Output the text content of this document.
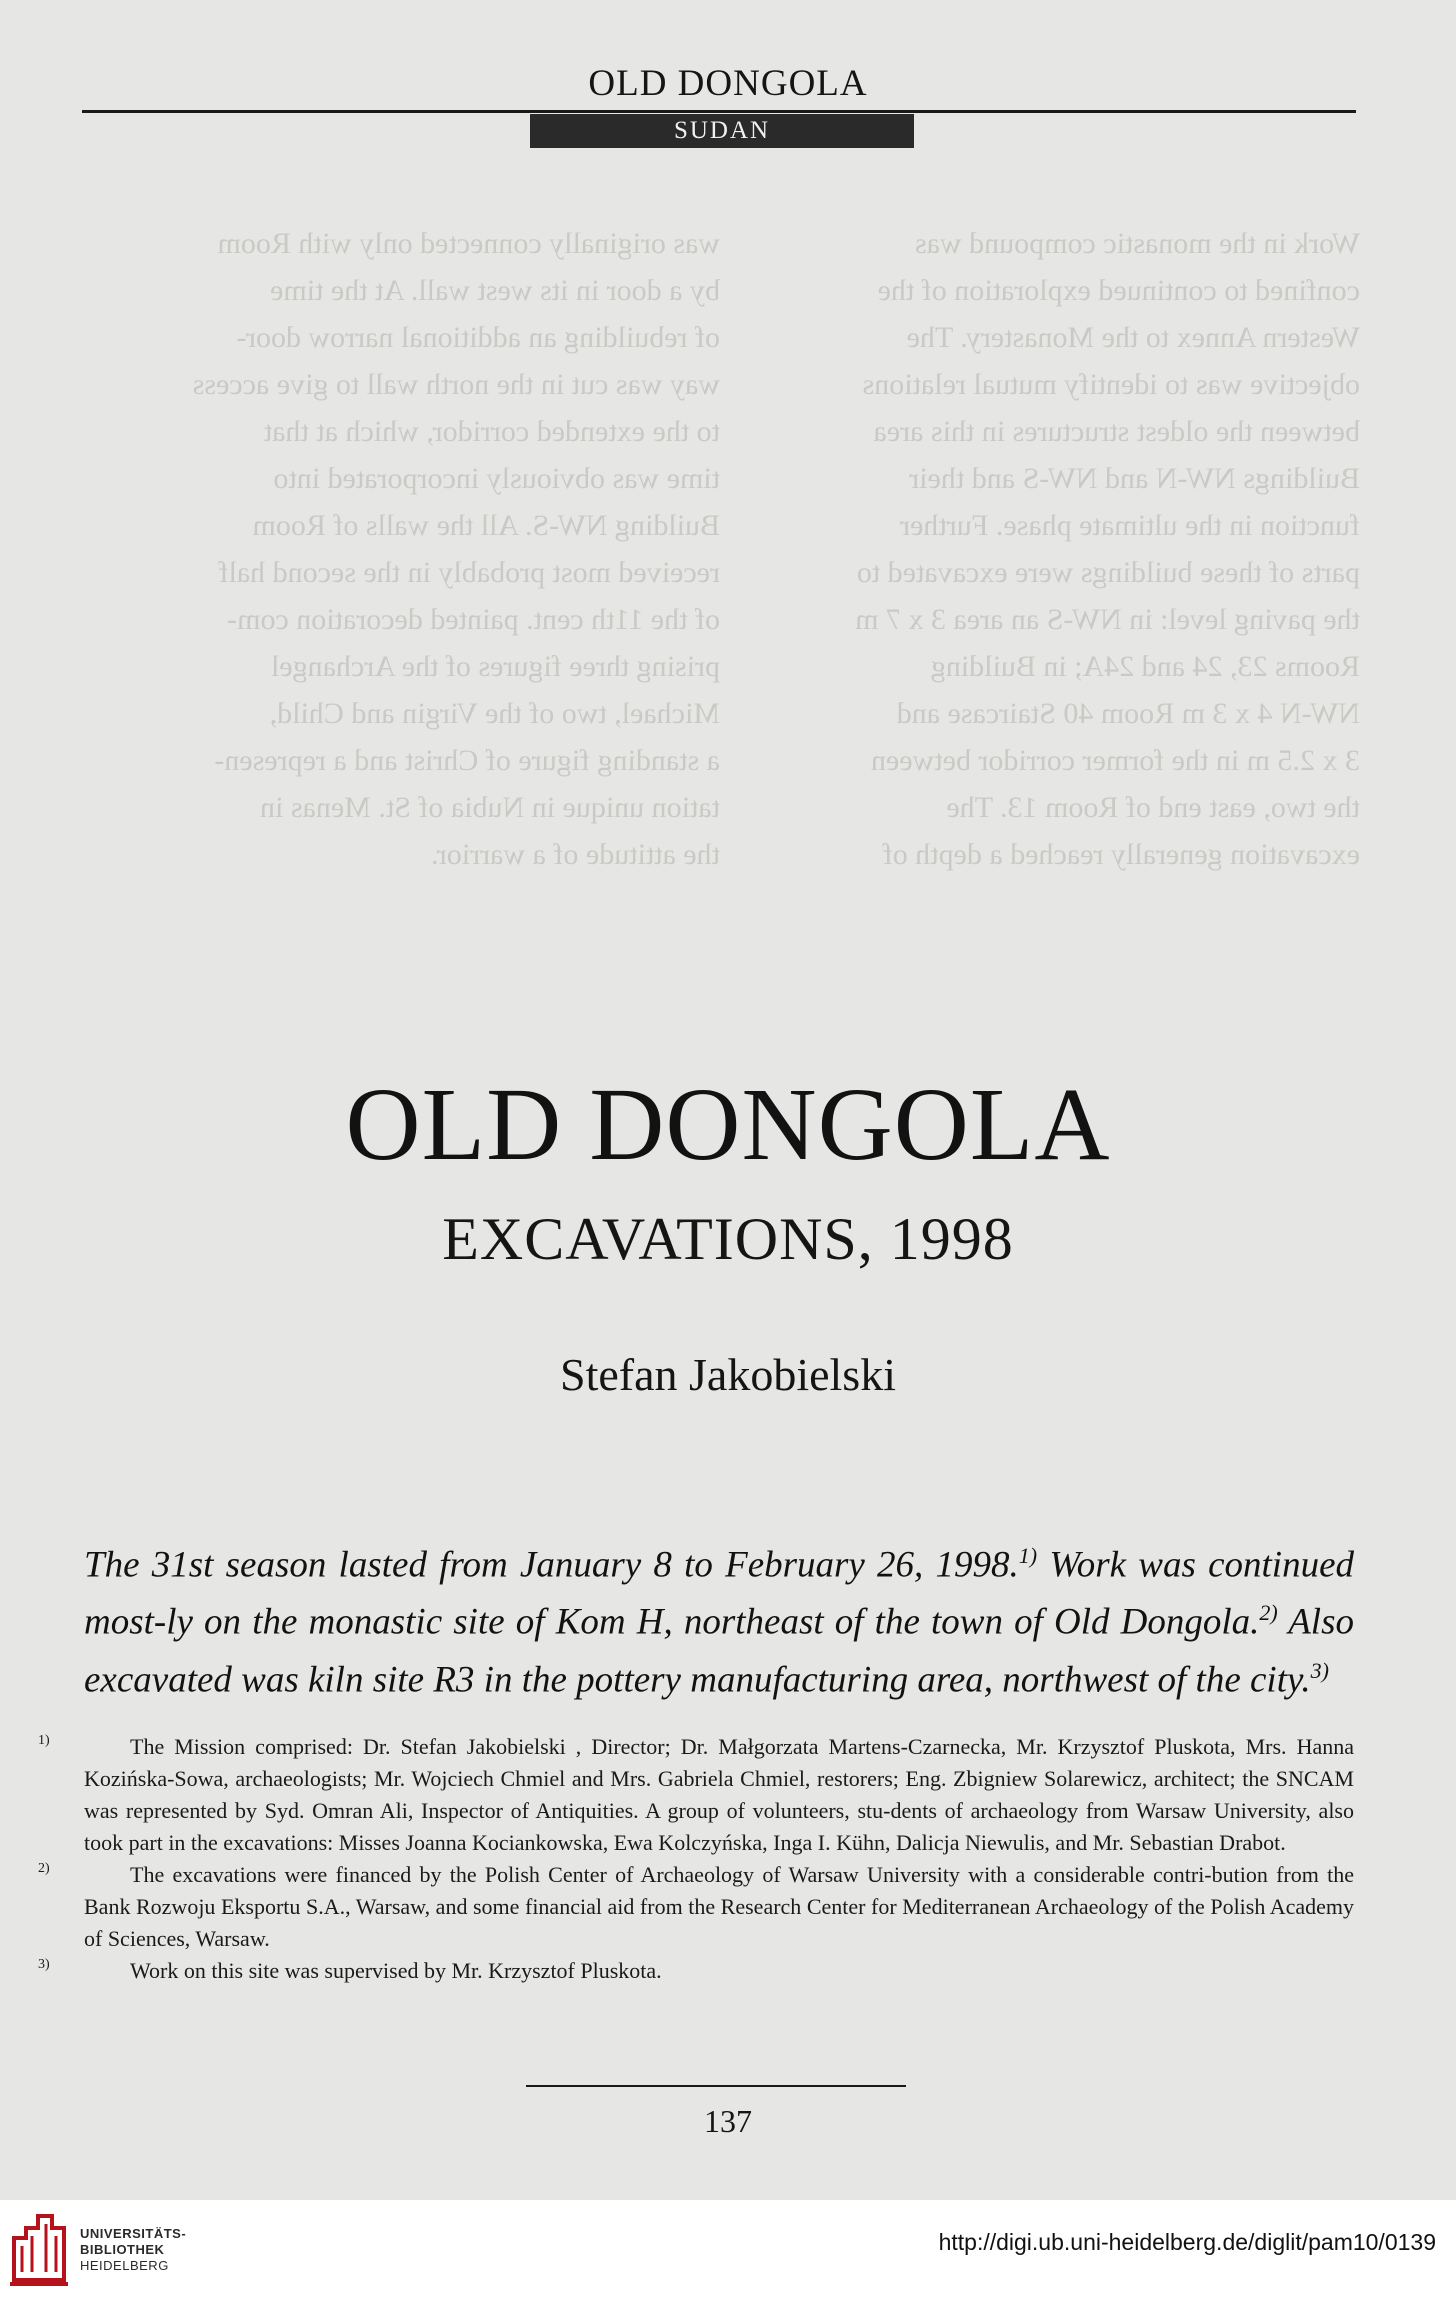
was originally connected only with Room
by a door in its west wall. At the time
of rebuilding an additional narrow door-
way was cut in the north wall to give access
to the extended corridor, which at that
time was obviously incorporated into
Building NW-S. All the walls of Room
received most probably in the second half
of the 11th cent. painted decoration com-
prising three figures of the Archangel
Michael, two of the Virgin and Child,
a standing figure of Christ and a represen-
tation unique in Nubia of St. Menas in
the attitude of a warrior.
Work in the monastic compound was
confined to continued exploration of the
Western Annex to the Monastery. The
objective was to identify mutual relations
between the oldest structures in this area
Buildings NW-N and NW-S and their
function in the ultimate phase. Further
parts of these buildings were excavated to
the paving level: in NW-S an area 3 x 7 m
Rooms 23, 24 and 24A; in Building
NW-N 4 x 3 m Room 40 Staircase and
3 x 2.5 m in the former corridor between
the two, east end of Room 13. The
excavation generally reached a depth of
OLD DONGOLA
SUDAN
OLD DONGOLA
EXCAVATIONS, 1998
Stefan Jakobielski

The 31st season lasted from January 8 to February 26, 1998.$^{1)}$ Work was continued most-ly on the monastic site of Kom H, northeast of the town of Old Dongola.$^{2)}$ Also excavated was kiln site R3 in the pottery manufacturing area, northwest of the city.$^{3)}$

1)	The Mission comprised: Dr. Stefan Jakobielski , Director; Dr. Małgorzata Martens-Czarnecka, Mr. Krzysztof Pluskota, Mrs. Hanna Kozińska-Sowa, archaeologists; Mr. Wojciech Chmiel and Mrs. Gabriela Chmiel, restorers; Eng. Zbigniew Solarewicz, architect; the SNCAM was represented by Syd. Omran Ali, Inspector of Antiquities. A group of volunteers, stu-dents of archaeology from Warsaw University, also took part in the excavations: Misses Joanna Kociankowska, Ewa Kolczyńska, Inga I. Kühn, Dalicja Niewulis, and Mr. Sebastian Drabot.

2)	The excavations were financed by the Polish Center of Archaeology of Warsaw University with a considerable contri-bution from the Bank Rozwoju Eksportu S.A., Warsaw, and some financial aid from the Research Center for Mediterranean Archaeology of the Polish Academy of Sciences, Warsaw.

3)	Work on this site was supervised by Mr. Krzysztof Pluskota.

137
UNIVERSITÄTS-
BIBLIOTHEK
HEIDELBERG
http://digi.ub.uni-heidelberg.de/diglit/pam10/0139
